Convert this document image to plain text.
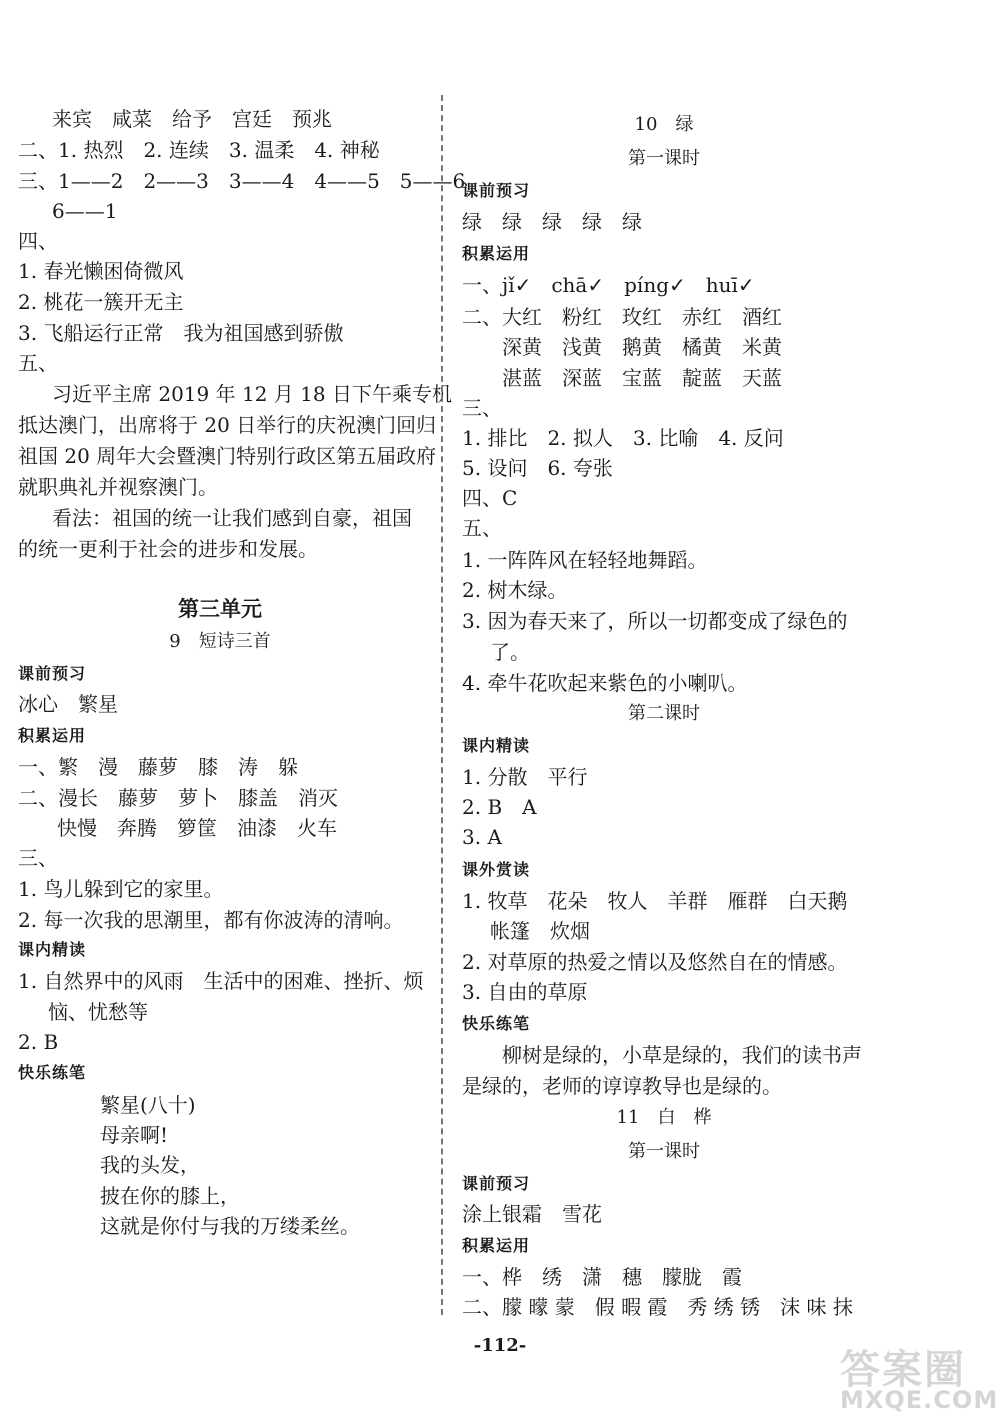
来宾　咸菜　给予　宫廷　预兆
二、1. 热烈　2. 连续　3. 温柔　4. 神秘
三、1——2　2——3　3——4　4——5　5——6
6——1
四、
1. 春光懒困倚微风
2. 桃花一簇开无主
3. 飞船运行正常　我为祖国感到骄傲
五、
习近平主席 2019 年 12 月 18 日下午乘专机
抵达澳门，出席将于 20 日举行的庆祝澳门回归
祖国 20 周年大会暨澳门特别行政区第五届政府
就职典礼并视察澳门。
看法：祖国的统一让我们感到自豪，祖国
的统一更利于社会的进步和发展。
第三单元
9　短诗三首
课前预习
冰心　繁星
积累运用
一、繁　漫　藤萝　膝　涛　躲
二、漫长　藤萝　萝卜　膝盖　消灭
快慢　奔腾　箩筐　油漆　火车
三、
1. 鸟儿躲到它的家里。
2. 每一次我的思潮里，都有你波涛的清响。
课内精读
1. 自然界中的风雨　生活中的困难、挫折、烦
恼、忧愁等
2. B
快乐练笔
繁星(八十)
母亲啊!
我的头发，
披在你的膝上，
这就是你付与我的万缕柔丝。
10　绿
第一课时
课前预习
绿　绿　绿　绿　绿
积累运用
一、jǐ✓　chā✓　píng✓　huī✓
二、大红　粉红　玫红　赤红　酒红
深黄　浅黄　鹅黄　橘黄　米黄
湛蓝　深蓝　宝蓝　靛蓝　天蓝
三、
1. 排比　2. 拟人　3. 比喻　4. 反问
5. 设问　6. 夸张
四、C
五、
1. 一阵阵风在轻轻地舞蹈。
2. 树木绿。
3. 因为春天来了，所以一切都变成了绿色的
了。
4. 牵牛花吹起来紫色的小喇叭。
第二课时
课内精读
1. 分散　平行
2. B　A
3. A
课外赏读
1. 牧草　花朵　牧人　羊群　雁群　白天鹅
帐篷　炊烟
2. 对草原的热爱之情以及悠然自在的情感。
3. 自由的草原
快乐练笔
柳树是绿的，小草是绿的，我们的读书声
是绿的，老师的谆谆教导也是绿的。
11　白　桦
第一课时
课前预习
涂上银霜　雪花
积累运用
一、桦　绣　潇　穗　朦胧　霞
二、朦 曚 蒙　假 暇 霞　秀 绣 锈　沫 味 抹
-112-
答案圈
MXQE.COM
